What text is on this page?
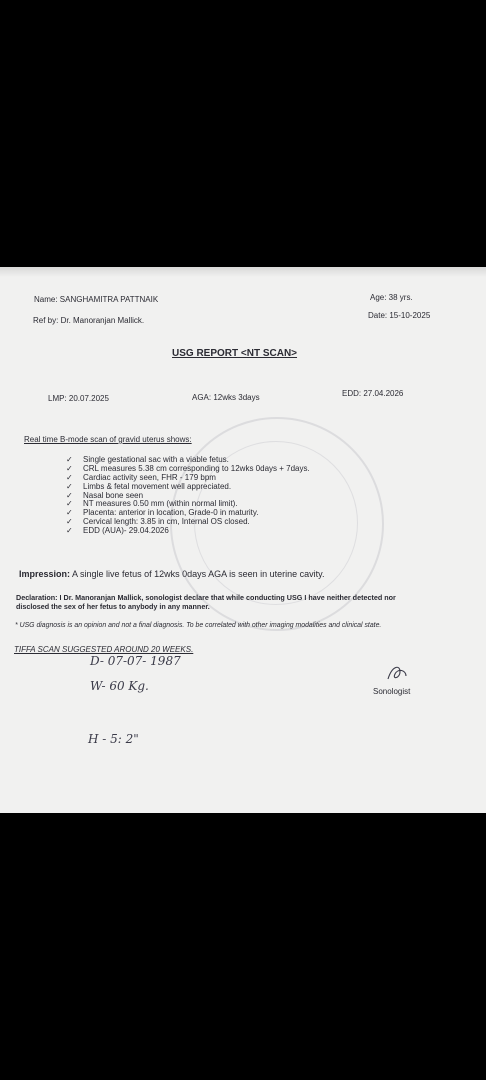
Name: SANGHAMITRA PATTNAIK	Age: 38 yrs.
Ref by: Dr. Manoranjan Mallick.
Date: 15-10-2025
USG REPORT <NT SCAN>
LMP: 20.07.2025	AGA: 12wks 3days	EDD: 27.04.2026
Real time B-mode scan of gravid uterus shows:
✓ Single gestational sac with a viable fetus.
✓ CRL measures 5.38 cm corresponding to 12wks 0days + 7days.
✓ Cardiac activity seen, FHR - 179 bpm
✓ Limbs & fetal movement well appreciated.
✓ Nasal bone seen
✓ NT measures 0.50 mm (within normal limit).
✓ Placenta: anterior in location, Grade-0 in maturity.
✓ Cervical length: 3.85 in cm, Internal OS closed.
✓ EDD (AUA)- 29.04.2026
Impression: A single live fetus of 12wks 0days AGA is seen in uterine cavity.
Declaration: I Dr. Manoranjan Mallick, sonologist declare that while conducting USG I have neither detected nor
disclosed the sex of her fetus to anybody in any manner.
* USG diagnosis is an opinion and not a final diagnosis. To be correlated with other imaging modalities and clinical state.
TIFFA SCAN SUGGESTED AROUND 20 WEEKS.
Sonologist
D- 07-07- 1987
W- 60 Kg.
H - 5: 2"
